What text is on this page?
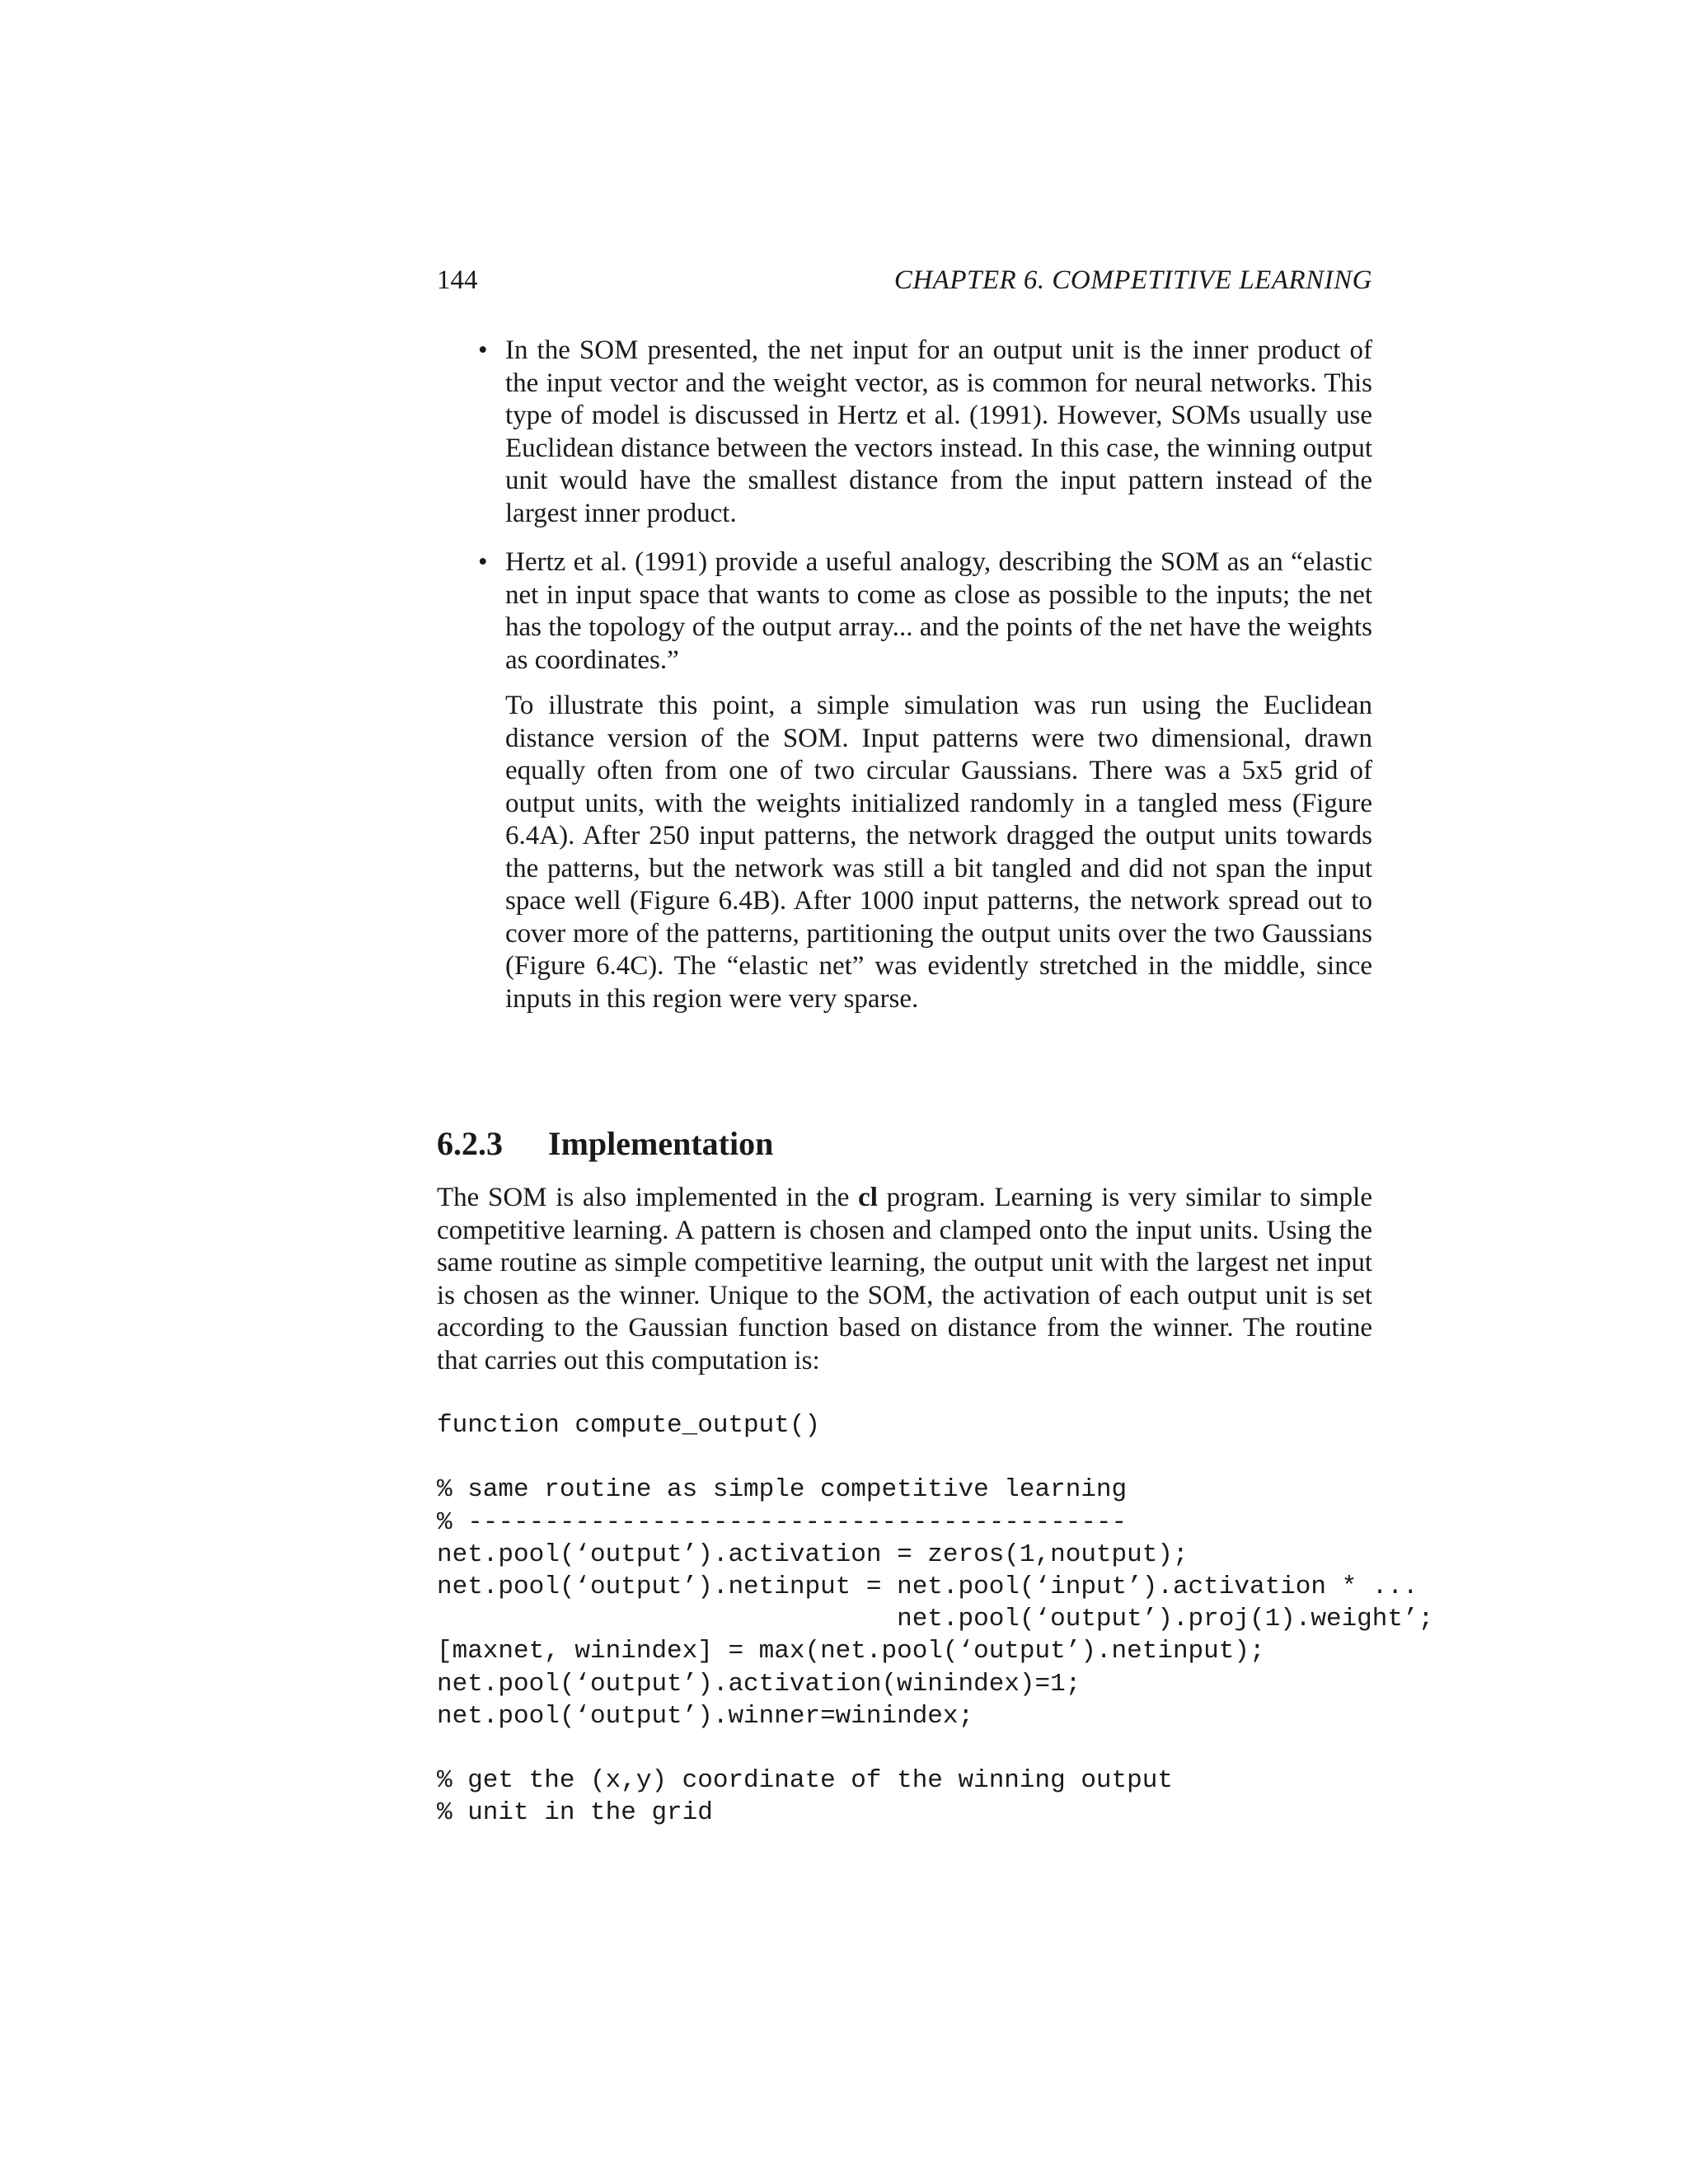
144	CHAPTER 6. COMPETITIVE LEARNING
• In the SOM presented, the net input for an output unit is the inner product of the input vector and the weight vector, as is common for neural networks. This type of model is discussed in Hertz et al. (1991). However, SOMs usually use Euclidean distance between the vectors instead. In this case, the winning output unit would have the smallest distance from the input pattern instead of the largest inner product.

• Hertz et al. (1991) provide a useful analogy, describing the SOM as an “elastic net in input space that wants to come as close as possible to the inputs; the net has the topology of the output array... and the points of the net have the weights as coordinates.”

To illustrate this point, a simple simulation was run using the Euclidean distance version of the SOM. Input patterns were two dimensional, drawn equally often from one of two circular Gaussians. There was a 5x5 grid of output units, with the weights initialized randomly in a tangled mess (Figure 6.4A). After 250 input patterns, the network dragged the output units towards the patterns, but the network was still a bit tangled and did not span the input space well (Figure 6.4B). After 1000 input patterns, the network spread out to cover more of the patterns, partitioning the output units over the two Gaussians (Figure 6.4C). The “elastic net” was evidently stretched in the middle, since inputs in this region were very sparse.

6.2.3 Implementation

The SOM is also implemented in the cl program. Learning is very similar to simple competitive learning. A pattern is chosen and clamped onto the input units. Using the same routine as simple competitive learning, the output unit with the largest net input is chosen as the winner. Unique to the SOM, the activation of each output unit is set according to the Gaussian function based on distance from the winner. The routine that carries out this computation is:

function compute_output()
% same routine as simple competitive learning
% -------------------------------------------
net.pool(‘output’).activation = zeros(1,noutput);
net.pool(‘output’).netinput = net.pool(‘input’).activation * ...
net.pool(‘output’).proj(1).weight’;
[maxnet, winindex] = max(net.pool(‘output’).netinput);
net.pool(‘output’).activation(winindex)=1;
net.pool(‘output’).winner=winindex;
% get the (x,y) coordinate of the winning output
% unit in the grid
